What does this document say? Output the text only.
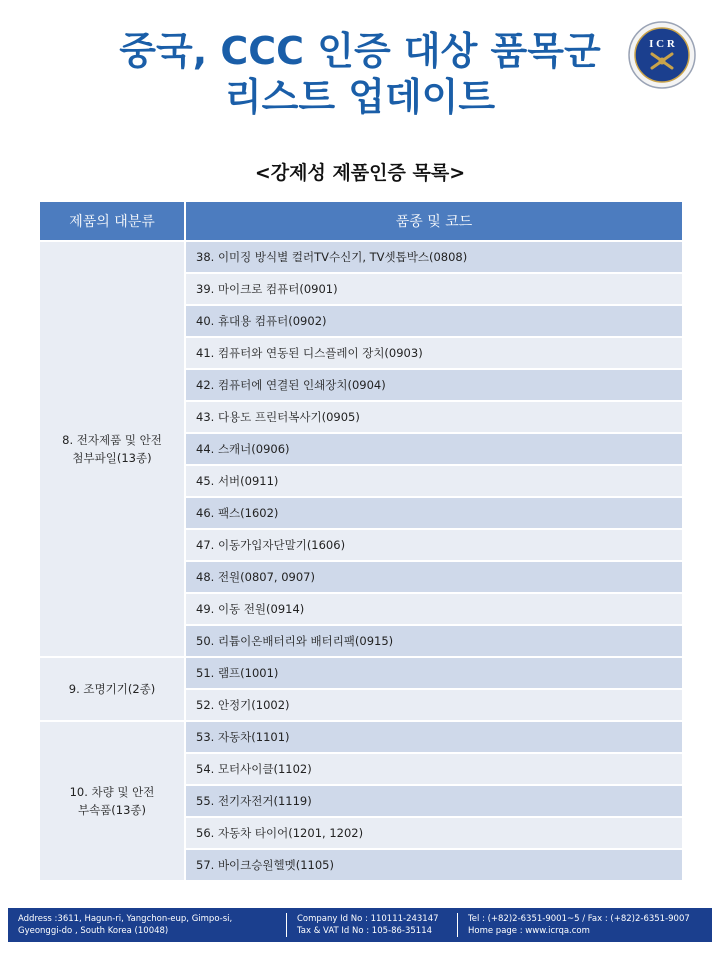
중국, CCC 인증 대상 품목군
리스트 업데이트
I C R
<강제성 제품인증 목록>
제품의 대분류	품종 및 코드

8. 전자제품 및 안전
첨부파일(13종)	38. 이미징 방식별 컬러TV수신기, TV셋톱박스(0808)
	39. 마이크로 컴퓨터(0901)
	40. 휴대용 컴퓨터(0902)
	41. 컴퓨터와 연동된 디스플레이 장치(0903)
	42. 컴퓨터에 연결된 인쇄장치(0904)
	43. 다용도 프린터복사기(0905)
	44. 스캐너(0906)
	45. 서버(0911)
	46. 팩스(1602)
	47. 이동가입자단말기(1606)
	48. 전원(0807, 0907)
	49. 이동 전원(0914)
	50. 리튬이온배터리와 배터리팩(0915)

9. 조명기기(2종)	51. 램프(1001)
	52. 안정기(1002)

10. 차량 및 안전
부속품(13종)	53. 자동차(1101)
	54. 모터사이클(1102)
	55. 전기자전거(1119)
	56. 자동차 타이어(1201, 1202)
	57. 바이크승원헬멧(1105)
Address :3611, Hagun-ri, Yangchon-eup, Gimpo-si,
Gyeonggi-do , South Korea (10048)
Company Id No : 110111-243147
Tax & VAT Id No : 105-86-35114
Tel : (+82)2-6351-9001~5 / Fax : (+82)2-6351-9007
Home page : www.icrqa.com
